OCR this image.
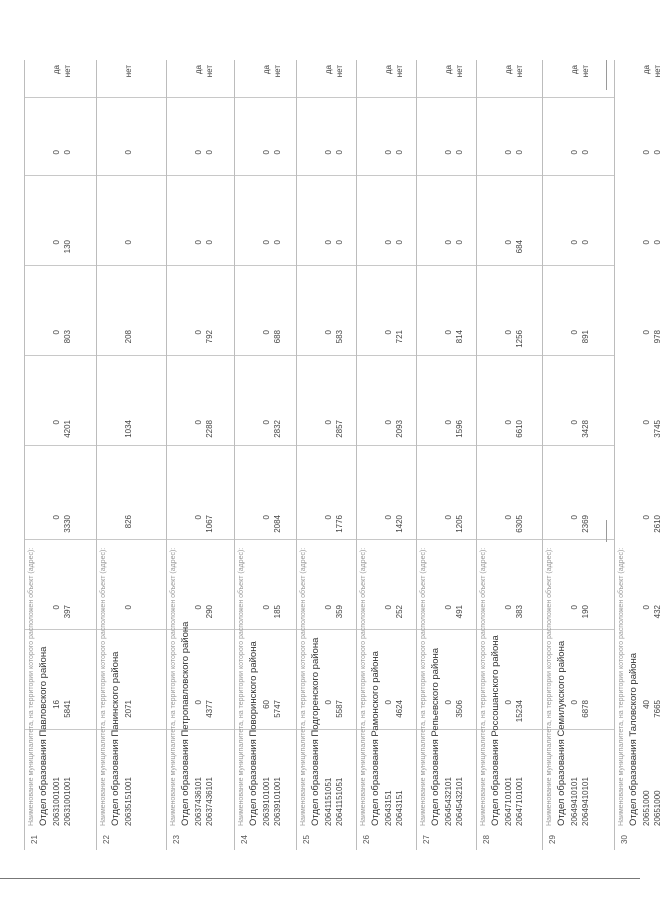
21
Наименование муниципалитета, на территории которого расположен объект (адрес): Отдел образования Павловского района 20631001001
16
0
0
0
0
0
0
да
20631001001
5841
397
3330
4201
803
130
0
нет
22
Наименование муниципалитета, на территории которого расположен объект (адрес): Отдел образования Панинского района 20635151001
2071
0
826
1034
208
0
0
нет
23
Наименование муниципалитета, на территории которого расположен объект (адрес): Отдел образования Петропавловского района 20637436101
0
0
0
0
0
0
0
да
20637436101
4377
290
1067
2288
792
0
0
нет
24
Наименование муниципалитета, на территории которого расположен объект (адрес): Отдел образования Поворинского района 20639101001
60
0
0
0
0
0
0
да
20639101001
5747
185
2084
2832
688
0
0
нет
25
Наименование муниципалитета, на территории которого расположен объект (адрес): Отдел образования Подгоренского района 20641151051
0
0
0
0
0
0
0
да
20641151051
5587
359
1776
2857
583
0
0
нет
26
Наименование муниципалитета, на территории которого расположен объект (адрес): Отдел образования Рамонского района 20643151
0
0
0
0
0
0
0
да
20643151
4624
252
1420
2093
721
0
0
нет
27
Наименование муниципалитета, на территории которого расположен объект (адрес): Отдел образования Репьевского района 20645432101
0
0
0
0
0
0
0
да
20645432101
3506
491
1205
1596
814
0
0
нет
28
Наименование муниципалитета, на территории которого расположен объект (адрес): Отдел образования Россошанского района 20647101001
0
0
0
0
0
0
0
да
20647101001
15234
383
6305
6610
1256
684
0
нет
29
Наименование муниципалитета, на территории которого расположен объект (адрес): Отдел образования Семилукского района 20649410101
0
0
0
0
0
0
0
да
20649410101
6878
190
2369
3428
891
0
0
нет
30
Наименование муниципалитета, на территории которого расположен объект (адрес): Отдел образования Таловского района 20651000
40
0
0
0
0
0
0
да
20651000
7665
432
2610
3745
978
0
0
нет
